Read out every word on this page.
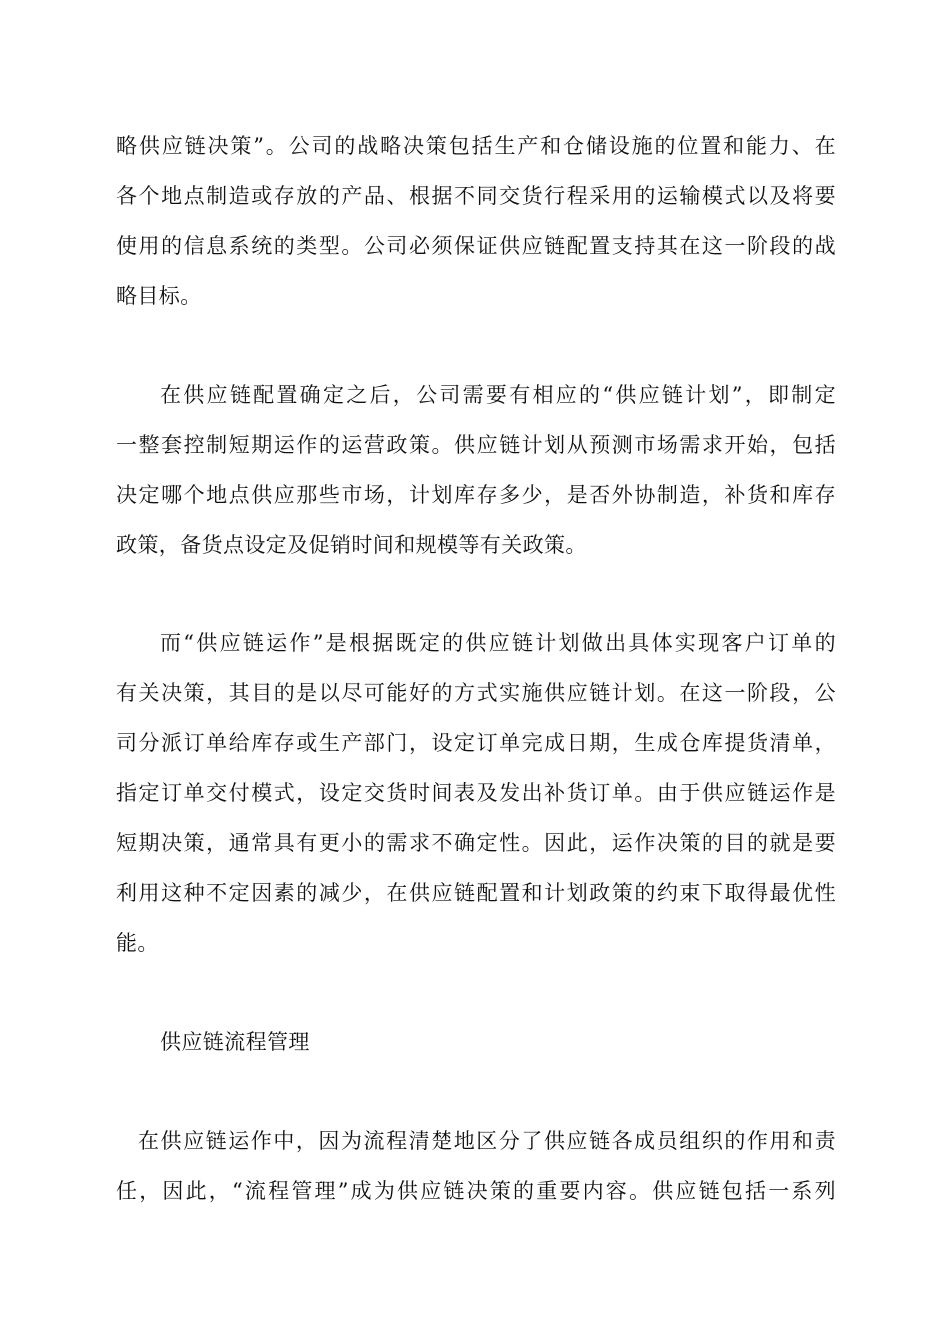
略供应链决策”。公司的战略决策包括生产和仓储设施的位置和能力、在
各个地点制造或存放的产品、根据不同交货行程采用的运输模式以及将要
使用的信息系统的类型。公司必须保证供应链配置支持其在这一阶段的战
略目标。
在供应链配置确定之后，公司需要有相应的“供应链计划”，即制定
一整套控制短期运作的运营政策。供应链计划从预测市场需求开始，包括
决定哪个地点供应那些市场，计划库存多少，是否外协制造，补货和库存
政策，备货点设定及促销时间和规模等有关政策。
而“供应链运作”是根据既定的供应链计划做出具体实现客户订单的
有关决策，其目的是以尽可能好的方式实施供应链计划。在这一阶段，公
司分派订单给库存或生产部门，设定订单完成日期，生成仓库提货清单，
指定订单交付模式，设定交货时间表及发出补货订单。由于供应链运作是
短期决策，通常具有更小的需求不确定性。因此，运作决策的目的就是要
利用这种不定因素的减少，在供应链配置和计划政策的约束下取得最优性
能。
供应链流程管理
在供应链运作中，因为流程清楚地区分了供应链各成员组织的作用和责
任，因此，“流程管理”成为供应链决策的重要内容。供应链包括一系列
